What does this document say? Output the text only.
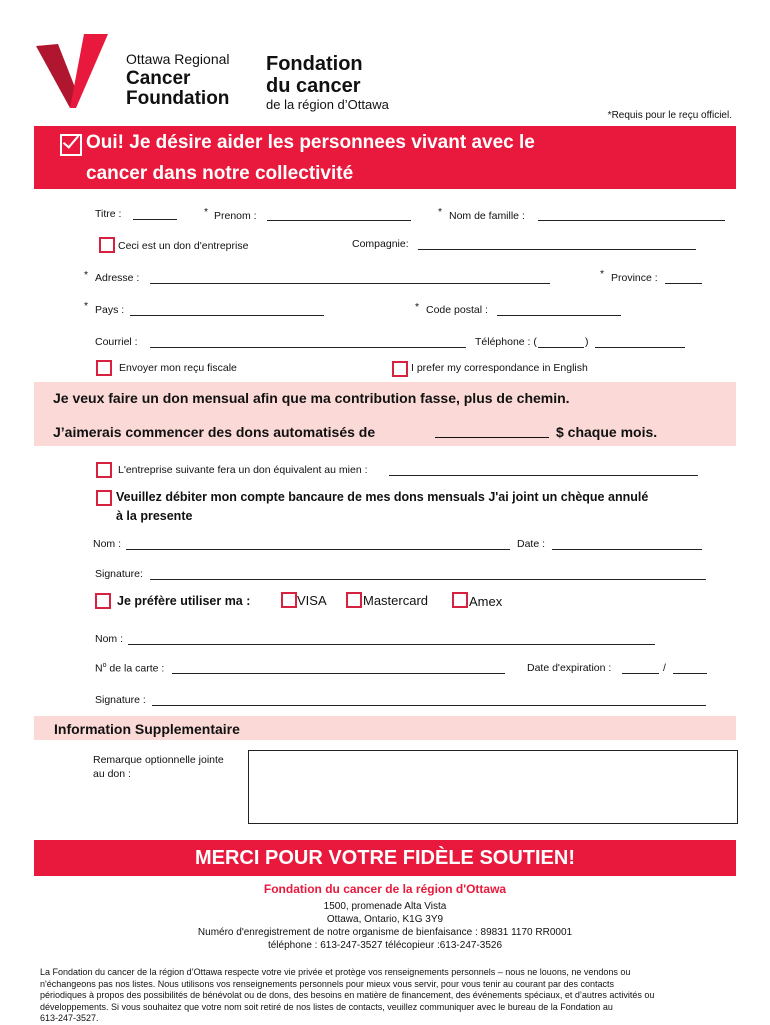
Ottawa Regional
Cancer
Foundation
Fondation
du cancer
de la région d’Ottawa
*Requis pour le reçu officiel.
Oui! Je désire aider les personnees vivant avec le
cancer dans notre collectivité
Titre :	* Prenom :	* Nom de famille :
Ceci est un don d'entreprise	Compagnie:
* Adresse :	* Province :
* Pays :	* Code postal :
Courriel :	Téléphone : (	)
Envoyer mon reçu fiscale	I prefer my correspondance in English
Je veux faire un don mensual afin que ma contribution fasse, plus de chemin.
J’aimerais commencer des dons automatisés de	$ chaque mois.
L'entreprise suivante fera un don équivalent au mien :
Veuillez débiter mon compte bancaure de mes dons mensuals J'ai joint un chèque annulé
à la presente
Nom :	Date :
Signature:
Je préfère utiliser ma :	VISA	Mastercard	Amex
Nom :
$N^o$ de la carte :	Date d'expiration :	/
Signature :
Information Supplementaire
Remarque optionnelle jointe
au don :
MERCI POUR VOTRE FIDÈLE SOUTIEN!
Fondation du cancer de la région d'Ottawa
1500, promenade Alta Vista
Ottawa, Ontario, K1G 3Y9
Numéro d'enregistrement de notre organisme de bienfaisance : 89831 1170 RR0001
téléphone : 613-247-3527 télécopieur :613-247-3526
La Fondation du cancer de la région d’Ottawa respecte votre vie privée et protège vos renseignements personnels – nous ne louons, ne vendons ou
n'échangeons pas nos listes. Nous utilisons vos renseignements personnels pour mieux vous servir, pour vous tenir au courant par des contacts
périodiques à propos des possibilités de bénévolat ou de dons, des besoins en matière de financement, des événements spéciaux, et d’autres activités ou
développements. Si vous souhaitez que votre nom soit retiré de nos listes de contacts, veuillez communiquer avec le bureau de la Fondation au
613-247-3527.
